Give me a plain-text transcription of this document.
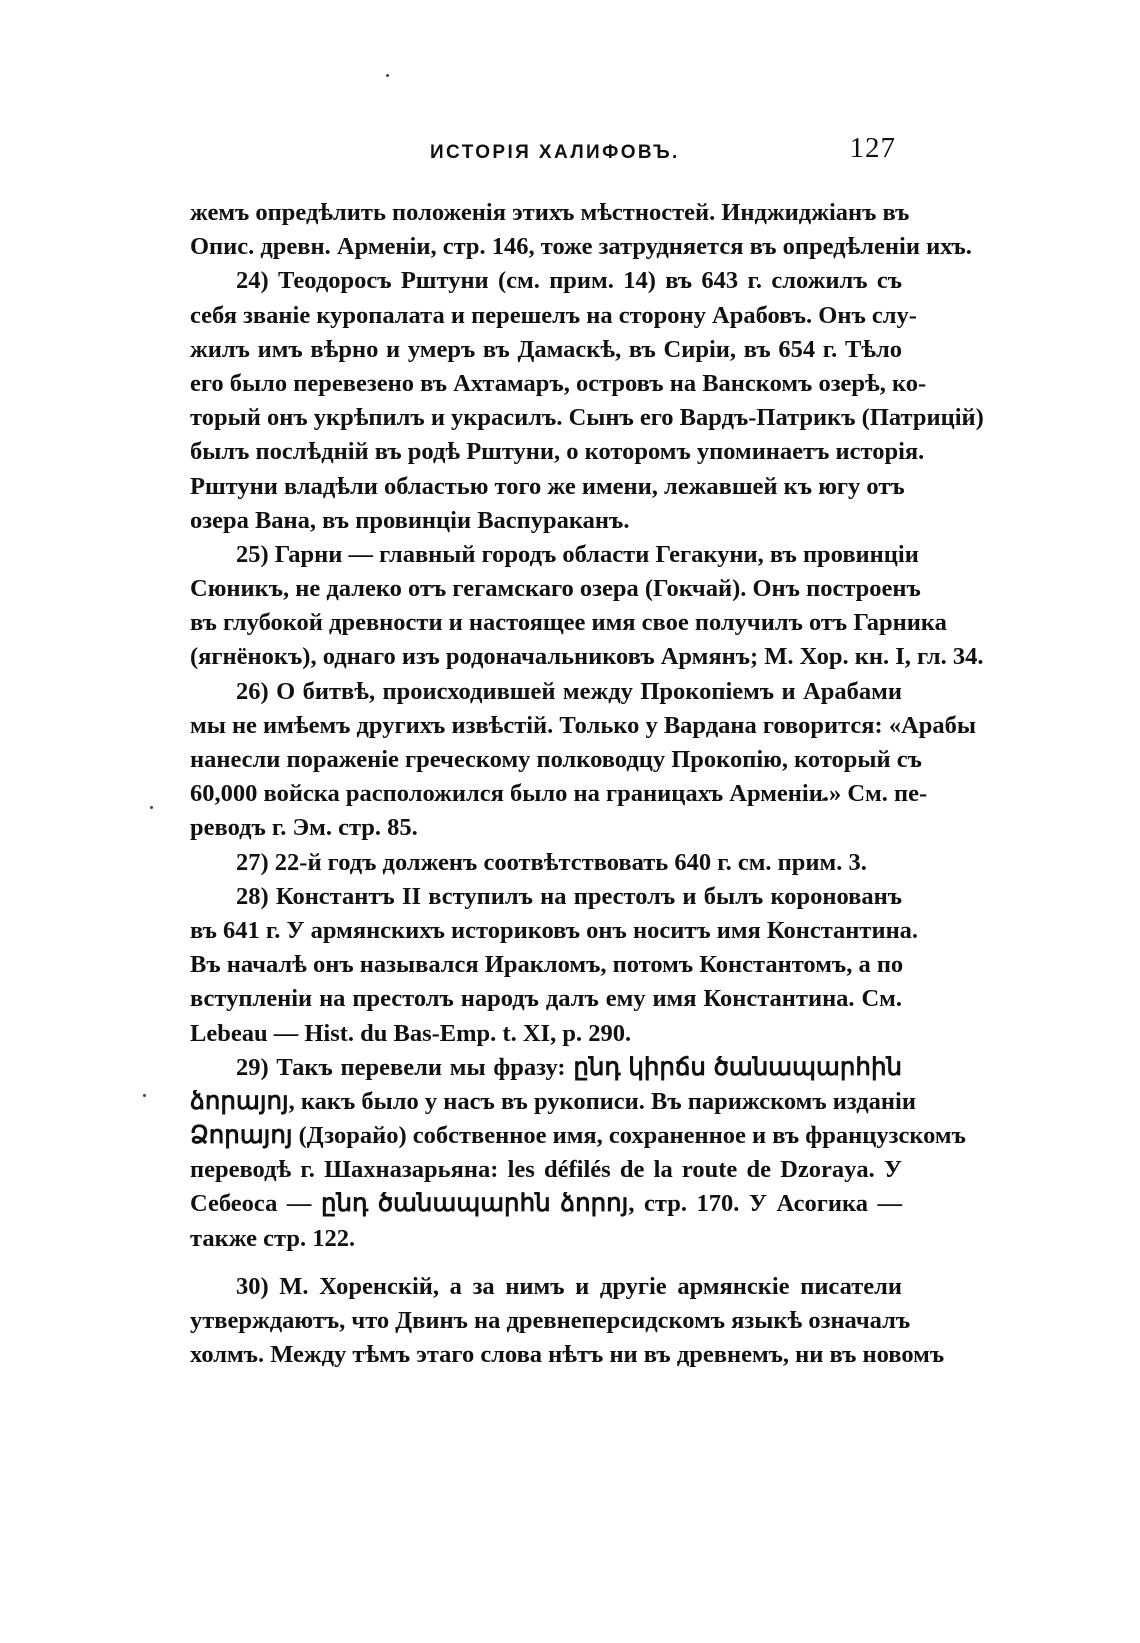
ИСТОРІЯ ХАЛИФОВЪ.	127
жемъ опредѣлить положенія этихъ мѣстностей. Инджиджіанъ въ
Опис. древн. Арменіи, стр. 146, тоже затрудняется въ опредѣленіи ихъ.
24) Теодоросъ Рштуни (см. прим. 14) въ 643 г. сложилъ съ
себя званіе куропалата и перешелъ на сторону Арабовъ. Онъ слу-
жилъ имъ вѣрно и умеръ въ Дамаскѣ, въ Сиріи, въ 654 г. Тѣло
его было перевезено въ Ахтамаръ, островъ на Ванскомъ озерѣ, ко-
торый онъ укрѣпилъ и украсилъ. Сынъ его Вардъ-Патрикъ (Патрицій)
былъ послѣдній въ родѣ Рштуни, о которомъ упоминаетъ исторія.
Рштуни владѣли областью того же имени, лежавшей къ югу отъ
озера Вана, въ провинціи Васпураканъ.
25) Гарни — главный городъ области Гегакуни, въ провинціи
Сюникъ, не далеко отъ гегамскаго озера (Гокчай). Онъ построенъ
въ глубокой древности и настоящее имя свое получилъ отъ Гарника
(ягнёнокъ), однаго изъ родоначальниковъ Армянъ; М. Хор. кн. I, гл. 34.
26) О битвѣ, происходившей между Прокопіемъ и Арабами
мы не имѣемъ другихъ извѣстій. Только у Вардана говорится: «Арабы
нанесли пораженіе греческому полководцу Прокопію, который съ
60,000 войска расположился было на границахъ Арменіи.» См. пе-
реводъ г. Эм. стр. 85.
27) 22-й годъ долженъ соотвѣтствовать 640 г. см. прим. 3.
28) Константъ II вступилъ на престолъ и былъ коронованъ
въ 641 г. У армянскихъ историковъ онъ носитъ имя Константина.
Въ началѣ онъ назывался Иракломъ, потомъ Константомъ, а по
вступленіи на престолъ народъ далъ ему имя Константина. См.
Lebeau — Hist. du Bas-Emp. t. XI, p. 290.
29) Такъ перевели мы фразу: ընդ կիրճս ծանապարհին
ձորայոյ, какъ было у насъ въ рукописи. Въ парижскомъ изданіи
Ձորայոյ (Дзорайо) собственное имя, сохраненное и въ французскомъ
переводѣ г. Шахназарьяна: les défilés de la route de Dzoraya. У
Себеоса — ընդ ծանապարհն ձորոյ, стр. 170. У Асогика —
также стр. 122.
30) М. Хоренскій, а за нимъ и другіе армянскіе писатели
утверждаютъ, что Двинъ на древнеперсидскомъ языкѣ означалъ
холмъ. Между тѣмъ этаго слова нѣтъ ни въ древнемъ, ни въ новомъ
